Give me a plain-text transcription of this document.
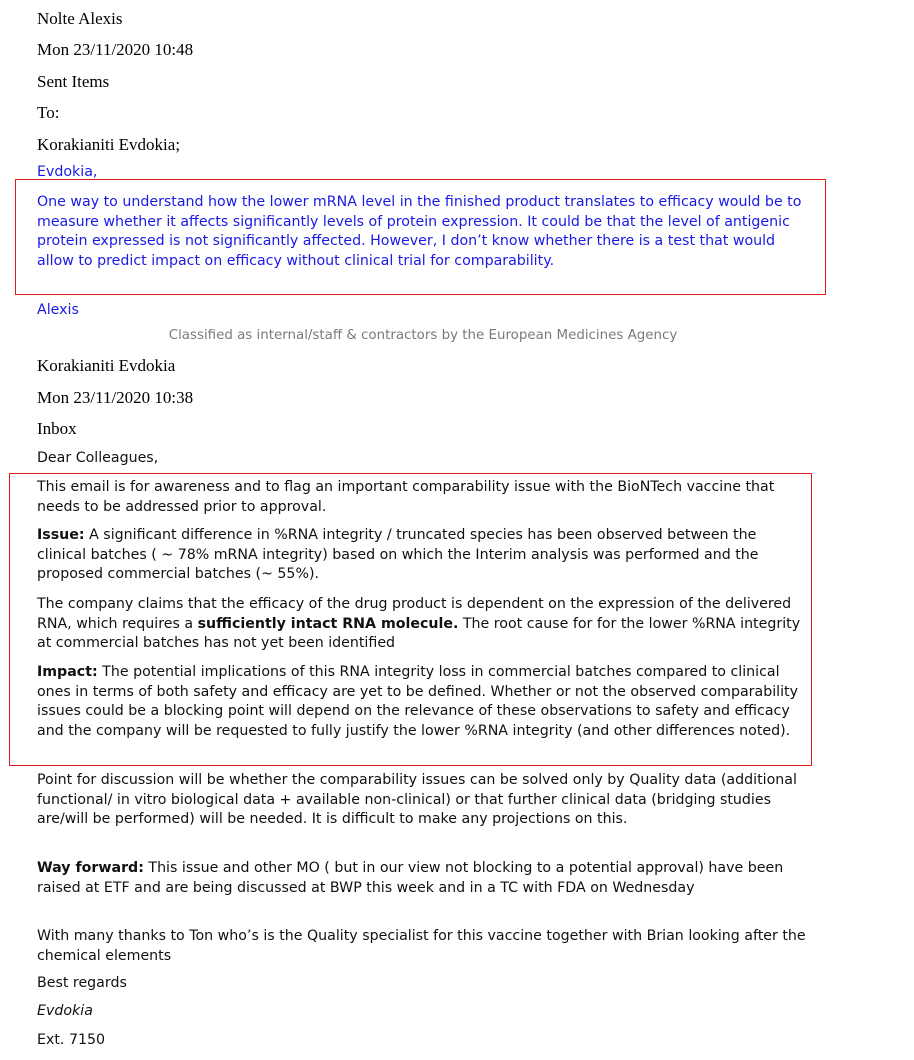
Nolte Alexis
Mon 23/11/2020 10:48
Sent Items
To:
Korakianiti Evdokia;
Evdokia,
One way to understand how the lower mRNA level in the finished product translates to efficacy would be to measure whether it affects significantly levels of protein expression. It could be that the level of antigenic protein expressed is not significantly affected. However, I don’t know whether there is a test that would allow to predict impact on efficacy without clinical trial for comparability.
Alexis
Classified as internal/staff & contractors by the European Medicines Agency
Korakianiti Evdokia
Mon 23/11/2020 10:38
Inbox
Dear Colleagues,
This email is for awareness and to flag an important comparability issue with the BioNTech vaccine that needs to be addressed prior to approval.
Issue: A significant difference in %RNA integrity / truncated species has been observed between the clinical batches ( ~ 78% mRNA integrity) based on which the Interim analysis was performed and the proposed commercial batches (~ 55%).
The company claims that the efficacy of the drug product is dependent on the expression of the delivered RNA, which requires a sufficiently intact RNA molecule. The root cause for for the lower %RNA integrity at commercial batches has not yet been identified
Impact: The potential implications of this RNA integrity loss in commercial batches compared to clinical ones in terms of both safety and efficacy are yet to be defined. Whether or not the observed comparability issues could be a blocking point will depend on the relevance of these observations to safety and efficacy and the company will be requested to fully justify the lower %RNA integrity (and other differences noted).
Point for discussion will be whether the comparability issues can be solved only by Quality data (additional functional/ in vitro biological data + available non-clinical) or that further clinical data (bridging studies are/will be performed) will be needed. It is difficult to make any projections on this.
Way forward: This issue and other MO ( but in our view not blocking to a potential approval) have been raised at ETF and are being discussed at BWP this week and in a TC with FDA on Wednesday
With many thanks to Ton who’s is the Quality specialist for this vaccine together with Brian looking after the chemical elements
Best regards
Evdokia
Ext. 7150
